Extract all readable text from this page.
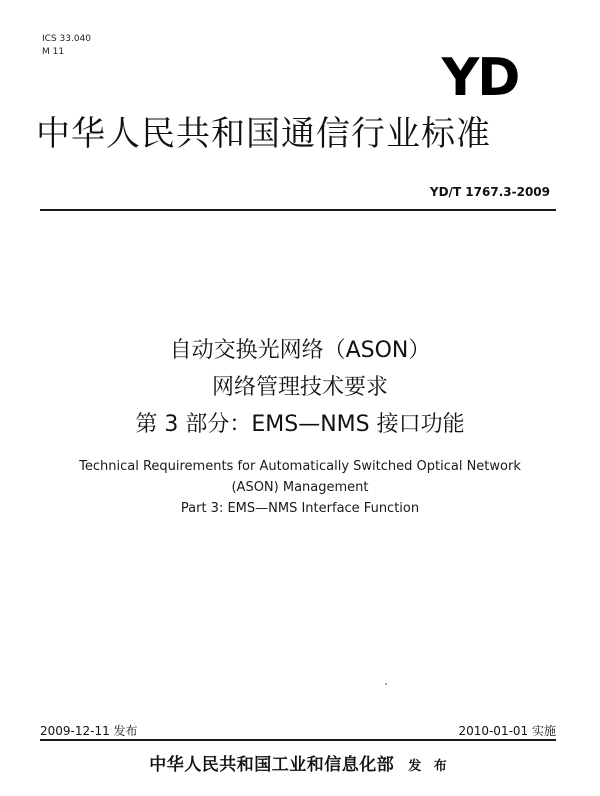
ICS 33.040
M 11	YD
中华人民共和国通信行业标准
YD/T 1767.3-2009
自动交换光网络（ASON）
网络管理技术要求
第 3 部分：EMS—NMS 接口功能
Technical Requirements for Automatically Switched Optical Network
(ASON) Management
Part 3: EMS—NMS Interface Function
2009-12-11 发布	2010-01-01 实施
中华人民共和国工业和信息化部 发 布
